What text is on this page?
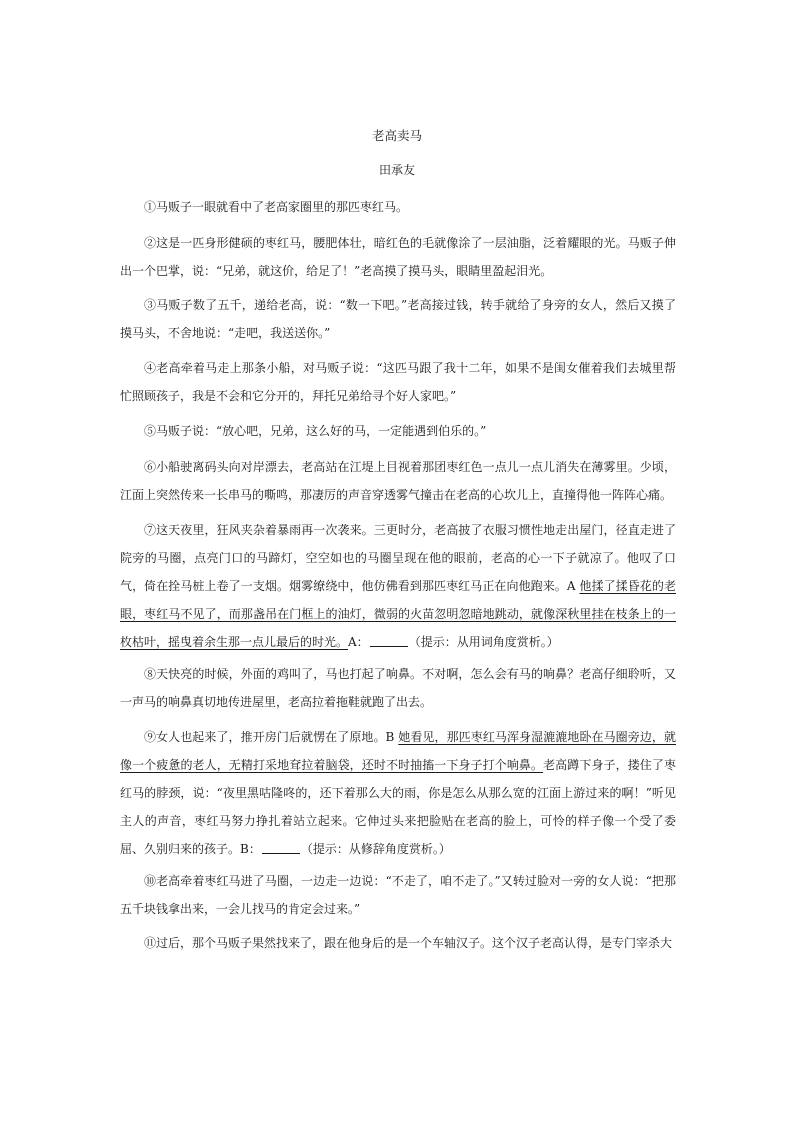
老高卖马
田承友

①马贩子一眼就看中了老高家圈里的那匹枣红马。

②这是一匹身形健硕的枣红马，腰肥体壮，暗红色的毛就像涂了一层油脂，泛着耀眼的光。马贩子伸出一个巴掌，说：“兄弟，就这价，给足了！”老高摸了摸马头，眼睛里盈起泪光。

③马贩子数了五千，递给老高，说：“数一下吧。”老高接过钱，转手就给了身旁的女人，然后又摸了摸马头，不舍地说：“走吧，我送送你。”

④老高牵着马走上那条小船，对马贩子说：“这匹马跟了我十二年，如果不是闺女催着我们去城里帮忙照顾孩子，我是不会和它分开的，拜托兄弟给寻个好人家吧。”

⑤马贩子说：“放心吧，兄弟，这么好的马，一定能遇到伯乐的。”

⑥小船驶离码头向对岸漂去，老高站在江堤上目视着那团枣红色一点儿一点儿消失在薄雾里。少顷，江面上突然传来一长串马的嘶鸣，那凄厉的声音穿透雾气撞击在老高的心坎儿上，直撞得他一阵阵心痛。

⑦这天夜里，狂风夹杂着暴雨再一次袭来。三更时分，老高披了衣服习惯性地走出屋门，径直走进了院旁的马圈，点亮门口的马蹄灯，空空如也的马圈呈现在他的眼前，老高的心一下子就凉了。他叹了口气，倚在拴马桩上卷了一支烟。烟雾缭绕中，他仿佛看到那匹枣红马正在向他跑来。A 他揉了揉昏花的老眼，枣红马不见了，而那盏吊在门框上的油灯，微弱的火苗忽明忽暗地跳动，就像深秋里挂在枝条上的一枚枯叶，摇曳着余生那一点儿最后的时光。A：	（提示：从用词角度赏析。）

⑧天快亮的时候，外面的鸡叫了，马也打起了响鼻。不对啊，怎么会有马的响鼻？老高仔细聆听，又一声马的响鼻真切地传进屋里，老高拉着拖鞋就跑了出去。

⑨女人也起来了，推开房门后就愣在了原地。B 她看见，那匹枣红马浑身湿漉漉地卧在马圈旁边，就像一个疲惫的老人，无精打采地耷拉着脑袋，还时不时抽搐一下身子打个响鼻。老高蹲下身子，搂住了枣红马的脖颈，说：“夜里黑咕隆咚的，还下着那么大的雨，你是怎么从那么宽的江面上游过来的啊！”听见主人的声音，枣红马努力挣扎着站立起来。它伸过头来把脸贴在老高的脸上，可怜的样子像一个受了委屈、久别归来的孩子。B：	（提示：从修辞角度赏析。）

⑩老高牵着枣红马进了马圈，一边走一边说：“不走了，咱不走了。”又转过脸对一旁的女人说：“把那五千块钱拿出来，一会儿找马的肯定会过来。”

⑪过后，那个马贩子果然找来了，跟在他身后的是一个车轴汉子。这个汉子老高认得，是专门宰杀大
